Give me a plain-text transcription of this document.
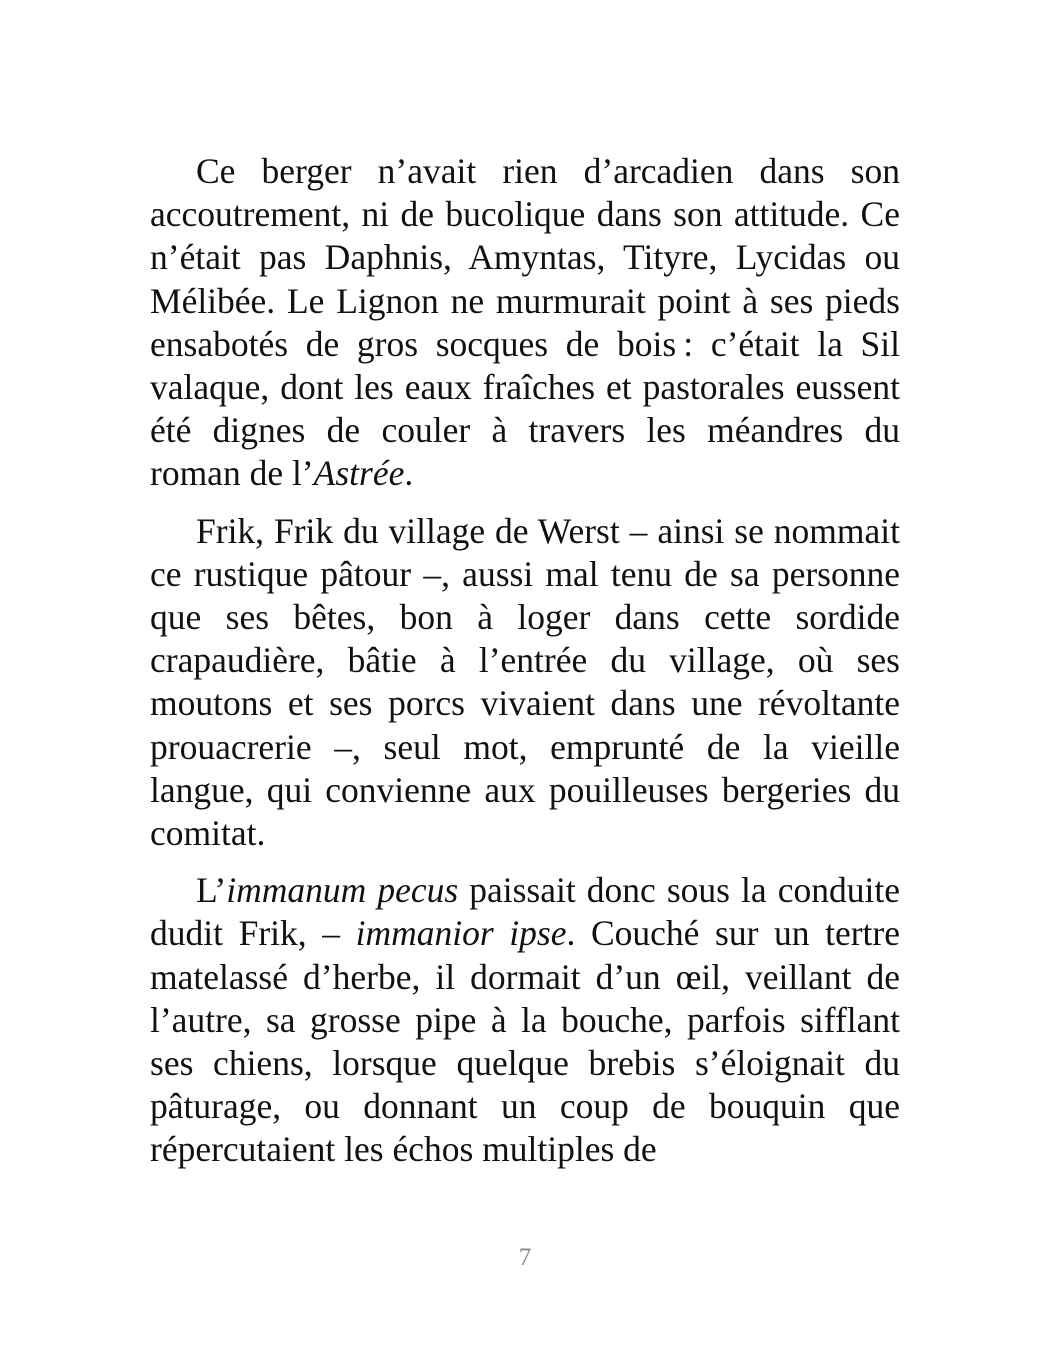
Ce berger n’avait rien d’arcadien dans son accoutrement, ni de bucolique dans son attitude. Ce n’était pas Daphnis, Amyntas, Tityre, Lycidas ou Mélibée. Le Lignon ne murmurait point à ses pieds ensabotés de gros socques de bois : c’était la Sil valaque, dont les eaux fraîches et pastorales eussent été dignes de couler à travers les méandres du roman de l’Astrée.

Frik, Frik du village de Werst – ainsi se nommait ce rustique pâtour –, aussi mal tenu de sa personne que ses bêtes, bon à loger dans cette sordide crapaudière, bâtie à l’entrée du village, où ses moutons et ses porcs vivaient dans une révoltante prouacrerie –, seul mot, emprunté de la vieille langue, qui convienne aux pouilleuses bergeries du comitat.

L’immanum pecus paissait donc sous la conduite dudit Frik, – immanior ipse. Couché sur un tertre matelassé d’herbe, il dormait d’un œil, veillant de l’autre, sa grosse pipe à la bouche, parfois sifflant ses chiens, lorsque quelque brebis s’éloignait du pâturage, ou donnant un coup de bouquin que répercutaient les échos multiples de

7
